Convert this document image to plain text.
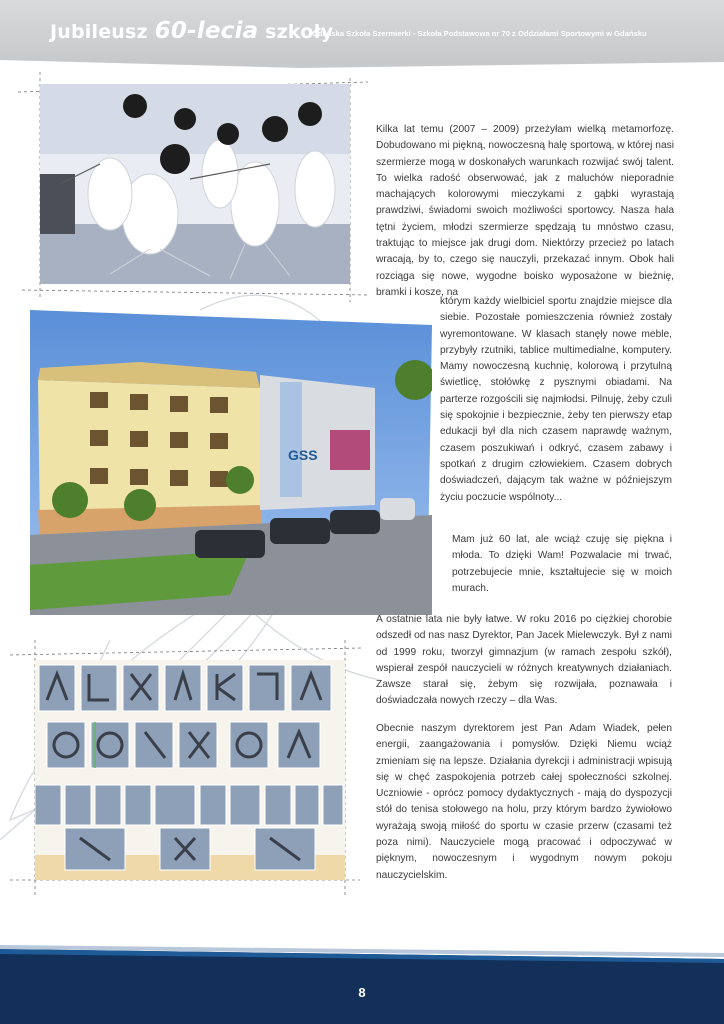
Jubileusz 60-lecia szkoły
Gdańska Szkoła Szermierki - Szkoła Podstawowa nr 70 z Oddziałami Sportowymi w Gdańsku
GSS

Kilka lat temu (2007 – 2009) przeżyłam wielką metamorfozę. Dobudowano mi piękną, nowoczesną halę sportową, w której nasi szermierze mogą w doskonałych warunkach rozwijać swój talent. To wielka radość obserwować, jak z maluchów nieporadnie machających kolorowymi mieczykami z gąbki wyrastają prawdziwi, świadomi swoich możliwości sportowcy. Nasza hala tętni życiem, młodzi szermierze spędzają tu mnóstwo czasu, traktując to miejsce jak drugi dom. Niektórzy przecież po latach wracają, by to, czego się nauczyli, przekazać innym. Obok hali rozciąga się nowe, wygodne boisko wyposażone w bieżnię, bramki i kosze, na

którym każdy wielbiciel sportu znajdzie miejsce dla siebie. Pozostałe pomieszczenia również zostały wyremontowane. W klasach stanęły nowe meble, przybyły rzutniki, tablice multimedialne, komputery. Mamy nowoczesną kuchnię, kolorową i przytulną świetlicę, stołówkę z pysznymi obiadami. Na parterze rozgościli się najmłodsi. Pilnuję, żeby czuli się spokojnie i bezpiecznie, żeby ten pierwszy etap edukacji był dla nich czasem naprawdę ważnym, czasem poszukiwań i odkryć, czasem zabawy i spotkań z drugim człowiekiem. Czasem dobrych doświadczeń, dającym tak ważne w późniejszym życiu poczucie wspólnoty...

Mam już 60 lat, ale wciąż czuję się piękna i młoda. To dzięki Wam! Pozwalacie mi trwać, potrzebujecie mnie, kształtujecie się w moich murach.

A ostatnie lata nie były łatwe. W roku 2016 po ciężkiej chorobie odszedł od nas nasz Dyrektor, Pan Jacek Mielewczyk. Był z nami od 1999 roku, tworzył gimnazjum (w ramach zespołu szkół), wspierał zespół nauczycieli w różnych kreatywnych działaniach. Zawsze starał się, żebym się rozwijała, poznawała i doświadczała nowych rzeczy – dla Was.

Obecnie naszym dyrektorem jest Pan Adam Wiadek, pełen energii, zaangażowania i pomysłów. Dzięki Niemu wciąż zmieniam się na lepsze. Działania dyrekcji i administracji wpisują się w chęć zaspokojenia potrzeb całej społeczności szkolnej. Uczniowie - oprócz pomocy dydaktycznych - mają do dyspozycji stół do tenisa stołowego na holu, przy którym bardzo żywiołowo wyrażają swoją miłość do sportu w czasie przerw (czasami też poza nimi). Nauczyciele mogą pracować i odpoczywać w pięknym, nowoczesnym i wygodnym nowym pokoju nauczycielskim.

8
